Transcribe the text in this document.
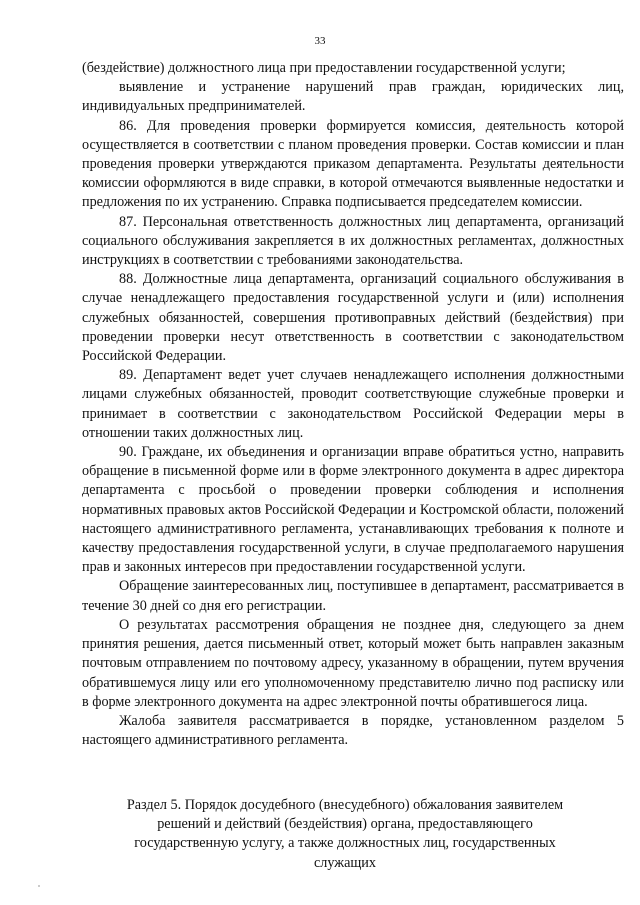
33

(бездействие) должностного лица при предоставлении государственной услуги;

выявление и устранение нарушений прав граждан, юридических лиц, индивидуальных предпринимателей.

86. Для проведения проверки формируется комиссия, деятельность которой осуществляется в соответствии с планом проведения проверки. Состав комиссии и план проведения проверки утверждаются приказом департамента. Результаты деятельности комиссии оформляются в виде справки, в которой отмечаются выявленные недостатки и предложения по их устранению. Справка подписывается председателем комиссии.

87. Персональная ответственность должностных лиц департамента, организаций социального обслуживания закрепляется в их должностных регламентах, должностных инструкциях в соответствии с требованиями законодательства.

88. Должностные лица департамента, организаций социального обслуживания в случае ненадлежащего предоставления государственной услуги и (или) исполнения служебных обязанностей, совершения противоправных действий (бездействия) при проведении проверки несут ответственность в соответствии с законодательством Российской Федерации.

89. Департамент ведет учет случаев ненадлежащего исполнения должностными лицами служебных обязанностей, проводит соответствующие служебные проверки и принимает в соответствии с законодательством Российской Федерации меры в отношении таких должностных лиц.

90. Граждане, их объединения и организации вправе обратиться устно, направить обращение в письменной форме или в форме электронного документа в адрес директора департамента с просьбой о проведении проверки соблюдения и исполнения нормативных правовых актов Российской Федерации и Костромской области, положений настоящего административного регламента, устанавливающих требования к полноте и качеству предоставления государственной услуги, в случае предполагаемого нарушения прав и законных интересов при предоставлении государственной услуги.

Обращение заинтересованных лиц, поступившее в департамент, рассматривается в течение 30 дней со дня его регистрации.

О результатах рассмотрения обращения не позднее дня, следующего за днем принятия решения, дается письменный ответ, который может быть направлен заказным почтовым отправлением по почтовому адресу, указанному в обращении, путем вручения обратившемуся лицу или его уполномоченному представителю лично под расписку или в форме электронного документа на адрес электронной почты обратившегося лица.

Жалоба заявителя рассматривается в порядке, установленном разделом 5 настоящего административного регламента.

Раздел 5. Порядок досудебного (внесудебного) обжалования заявителем решений и действий (бездействия) органа, предоставляющего государственную услугу, а также должностных лиц, государственных служащих
